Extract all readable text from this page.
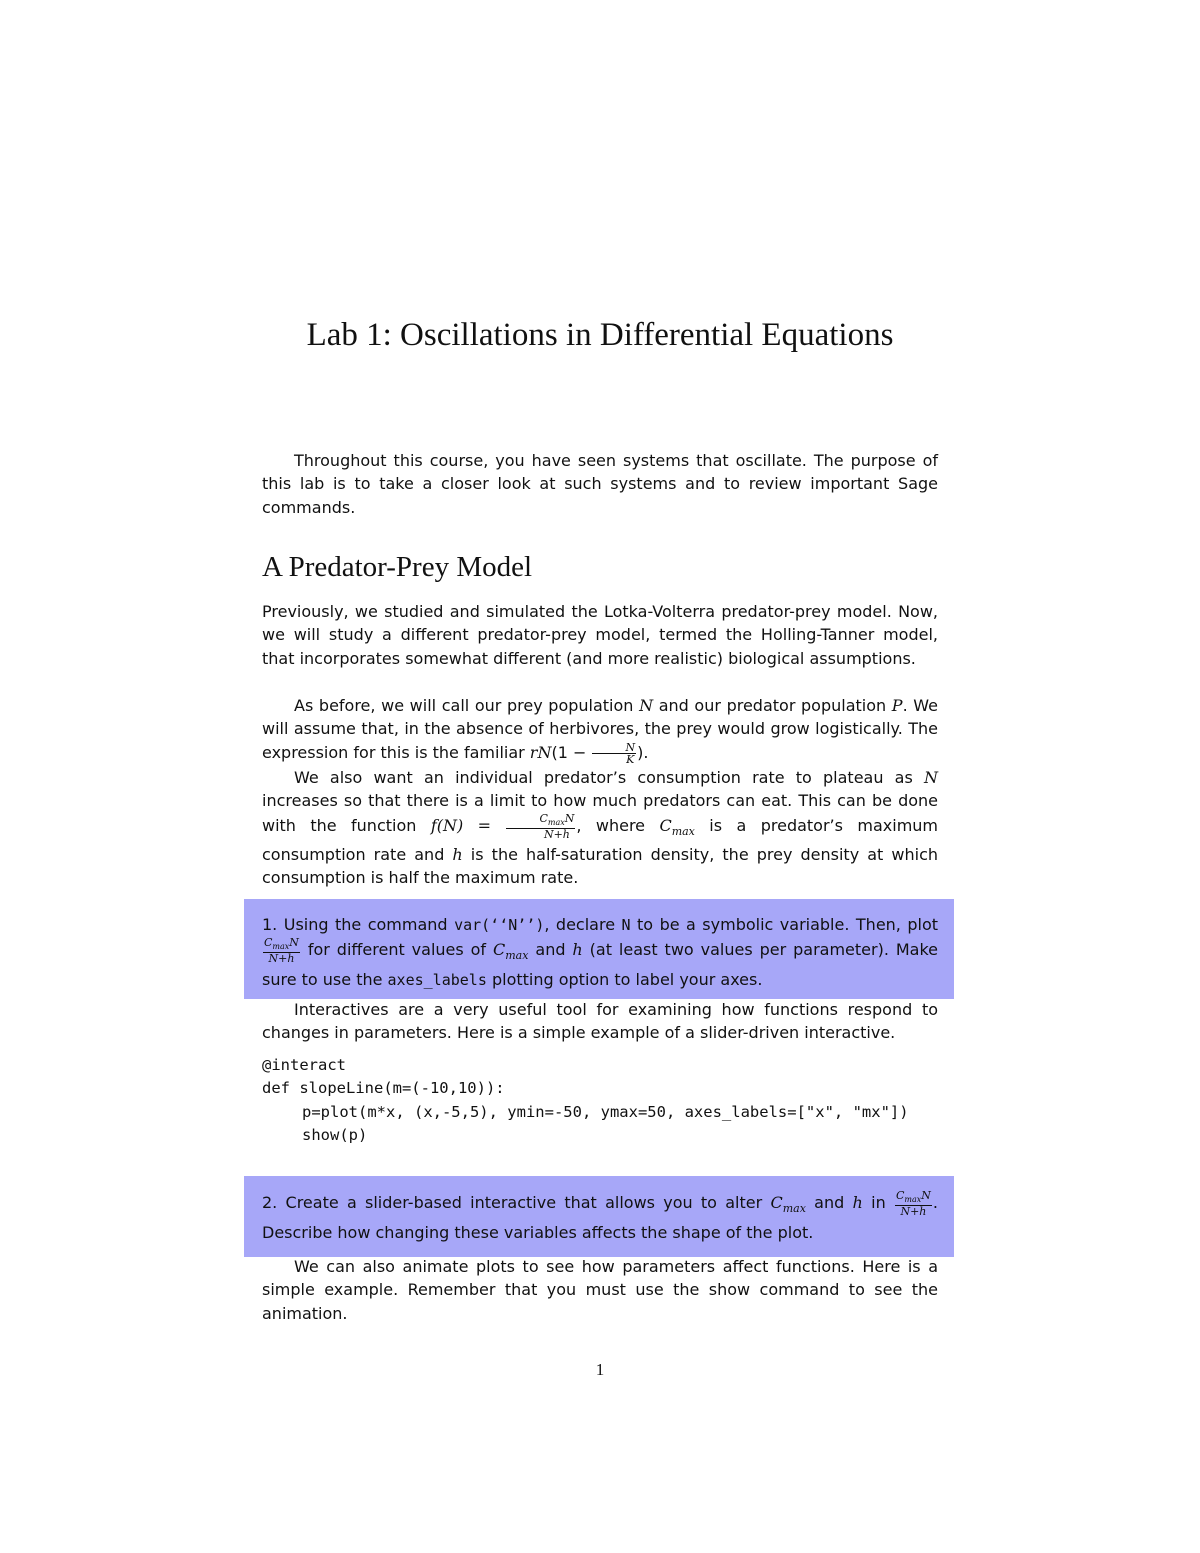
Lab 1: Oscillations in Differential Equations

Throughout this course, you have seen systems that oscillate. The purpose of this lab is to take a closer look at such systems and to review important Sage commands.

A Predator-Prey Model

Previously, we studied and simulated the Lotka-Volterra predator-prey model. Now, we will study a different predator-prey model, termed the Holling-Tanner model, that incorporates somewhat different (and more realistic) biological assumptions.

As before, we will call our prey population N and our predator population P. We will assume that, in the absence of herbivores, the prey would grow logistically. The expression for this is the familiar $rN(1 - \frac{N}{K}$ ).

We also want an individual predator’s consumption rate to plateau as N increases so that there is a limit to how much predators can eat. This can be done with the function $f(N) = \frac{C_{max}N}{N+h}$ , where $C_{max}$ is a predator’s maximum consumption rate and h is the half-saturation density, the prey density at which consumption is half the maximum rate.

1. Using the command var(‘‘N’’), declare N to be a symbolic variable. Then, plot
$\frac{C_{max}N}{N+h}$ for different values of $C_{max}$ and h (at least two values per parameter). Make sure to use the axes_labels plotting option to label your axes.

Interactives are a very useful tool for examining how functions respond to changes in parameters. Here is a simple example of a slider-driven interactive.

@interact
def slopeLine(m=(-10,10)):
p=plot(m*x, (x,-5,5), ymin=-50, ymax=50, axes_labels=["x", "mx"])
show(p)

2. Create a slider-based interactive that allows you to alter $C_{max}$ and h in $\frac{C_{max}N}{N+h}$ . Describe how changing these variables affects the shape of the plot.

We can also animate plots to see how parameters affect functions. Here is a simple example. Remember that you must use the show command to see the animation.

1
